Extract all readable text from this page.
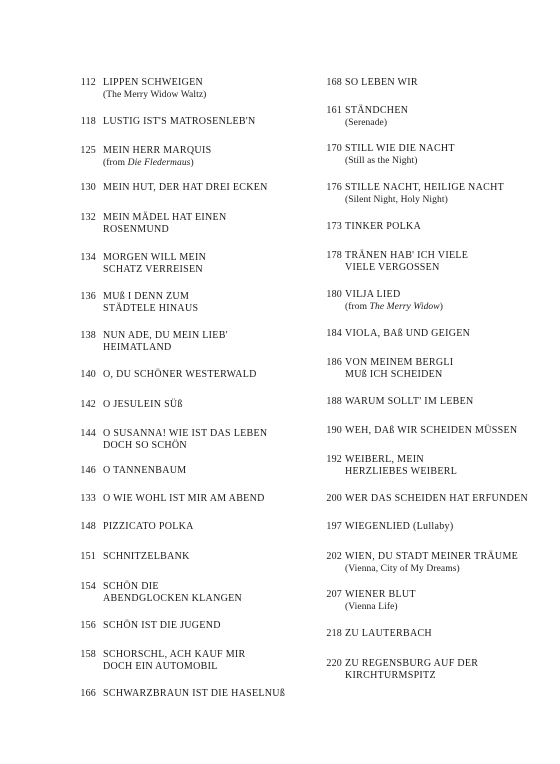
112 LIPPEN SCHWEIGEN
(The Merry Widow Waltz)
118 LUSTIG IST'S MATROSENLEB'N
125 MEIN HERR MARQUIS
(from Die Fledermaus)
130 MEIN HUT, DER HAT DREI ECKEN
132 MEIN MÄDEL HAT EINEN
ROSENMUND
134 MORGEN WILL MEIN
SCHATZ VERREISEN
136 MUß I DENN ZUM
STÄDTELE HINAUS
138 NUN ADE, DU MEIN LIEB'
HEIMATLAND
140 O, DU SCHÖNER WESTERWALD
142 O JESULEIN SÜß
144 O SUSANNA! WIE IST DAS LEBEN
DOCH SO SCHÖN
146 O TANNENBAUM
133 O WIE WOHL IST MIR AM ABEND
148 PIZZICATO POLKA
151 SCHNITZELBANK
154 SCHÖN DIE
ABENDGLOCKEN KLANGEN
156 SCHÖN IST DIE JUGEND
158 SCHORSCHL, ACH KAUF MIR
DOCH EIN AUTOMOBIL
166 SCHWARZBRAUN IST DIE HASELNUß
168 SO LEBEN WIR
161 STÄNDCHEN
(Serenade)
170 STILL WIE DIE NACHT
(Still as the Night)
176 STILLE NACHT, HEILIGE NACHT
(Silent Night, Holy Night)
173 TINKER POLKA
178 TRÄNEN HAB' ICH VIELE
VIELE VERGOSSEN
180 VILJA LIED
(from The Merry Widow)
184 VIOLA, BAß UND GEIGEN
186 VON MEINEM BERGLI
MUß ICH SCHEIDEN
188 WARUM SOLLT' IM LEBEN
190 WEH, DAß WIR SCHEIDEN MÜSSEN
192 WEIBERL, MEIN
HERZLIEBES WEIBERL
200 WER DAS SCHEIDEN HAT ERFUNDEN
197 WIEGENLIED (Lullaby)
202 WIEN, DU STADT MEINER TRÄUME
(Vienna, City of My Dreams)
207 WIENER BLUT
(Vienna Life)
218 ZU LAUTERBACH
220 ZU REGENSBURG AUF DER
KIRCHTURMSPITZ
